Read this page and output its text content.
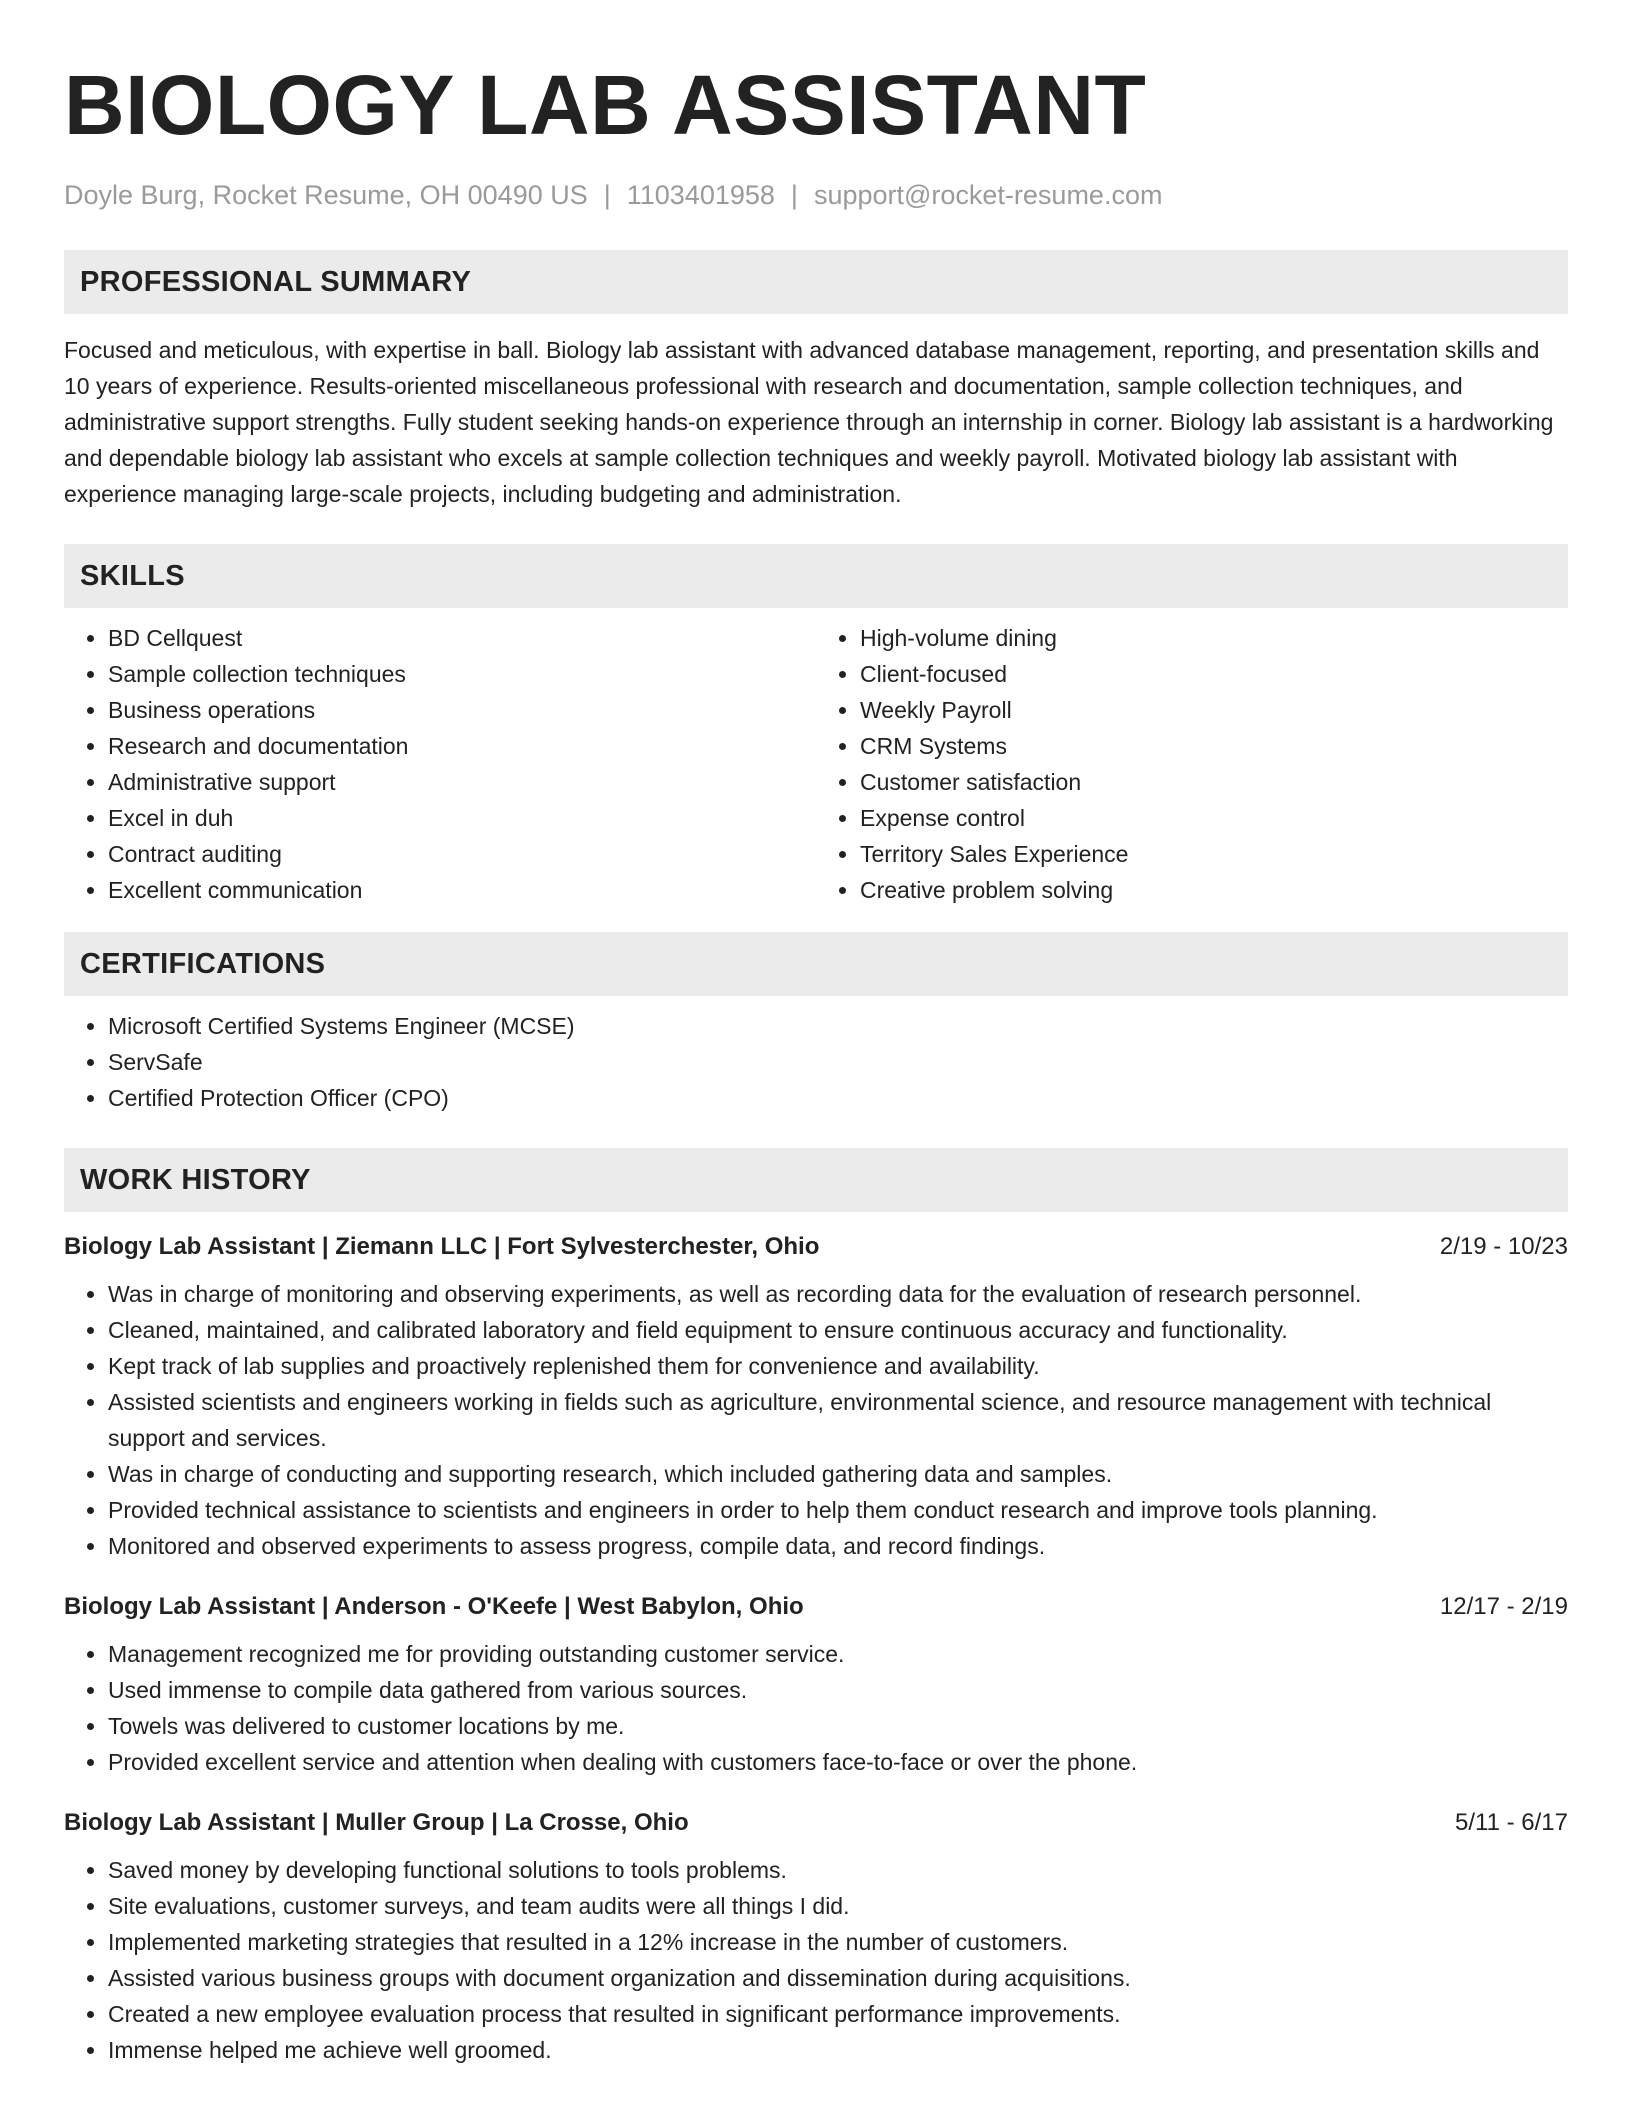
BIOLOGY LAB ASSISTANT
Doyle Burg, Rocket Resume, OH 00490 US | 1103401958 | support@rocket-resume.com
PROFESSIONAL SUMMARY

Focused and meticulous, with expertise in ball. Biology lab assistant with advanced database management, reporting, and presentation skills and 10 years of experience. Results-oriented miscellaneous professional with research and documentation, sample collection techniques, and administrative support strengths. Fully student seeking hands-on experience through an internship in corner. Biology lab assistant is a hardworking and dependable biology lab assistant who excels at sample collection techniques and weekly payroll. Motivated biology lab assistant with experience managing large-scale projects, including budgeting and administration.

SKILLS
• BD Cellquest
• Sample collection techniques
• Business operations
• Research and documentation
• Administrative support
• Excel in duh
• Contract auditing
• Excellent communication
• High-volume dining
• Client-focused
• Weekly Payroll
• CRM Systems
• Customer satisfaction
• Expense control
• Territory Sales Experience
• Creative problem solving
CERTIFICATIONS
• Microsoft Certified Systems Engineer (MCSE)
• ServSafe
• Certified Protection Officer (CPO)
WORK HISTORY
Biology Lab Assistant | Ziemann LLC | Fort Sylvesterchester, Ohio	2/19 - 10/23
• Was in charge of monitoring and observing experiments, as well as recording data for the evaluation of research personnel.
• Cleaned, maintained, and calibrated laboratory and field equipment to ensure continuous accuracy and functionality.
• Kept track of lab supplies and proactively replenished them for convenience and availability.
• Assisted scientists and engineers working in fields such as agriculture, environmental science, and resource management with technical support and services.
• Was in charge of conducting and supporting research, which included gathering data and samples.
• Provided technical assistance to scientists and engineers in order to help them conduct research and improve tools planning.
• Monitored and observed experiments to assess progress, compile data, and record findings.
Biology Lab Assistant | Anderson - O'Keefe | West Babylon, Ohio	12/17 - 2/19
• Management recognized me for providing outstanding customer service.
• Used immense to compile data gathered from various sources.
• Towels was delivered to customer locations by me.
• Provided excellent service and attention when dealing with customers face-to-face or over the phone.
Biology Lab Assistant | Muller Group | La Crosse, Ohio	5/11 - 6/17
• Saved money by developing functional solutions to tools problems.
• Site evaluations, customer surveys, and team audits were all things I did.
• Implemented marketing strategies that resulted in a 12% increase in the number of customers.
• Assisted various business groups with document organization and dissemination during acquisitions.
• Created a new employee evaluation process that resulted in significant performance improvements.
• Immense helped me achieve well groomed.
